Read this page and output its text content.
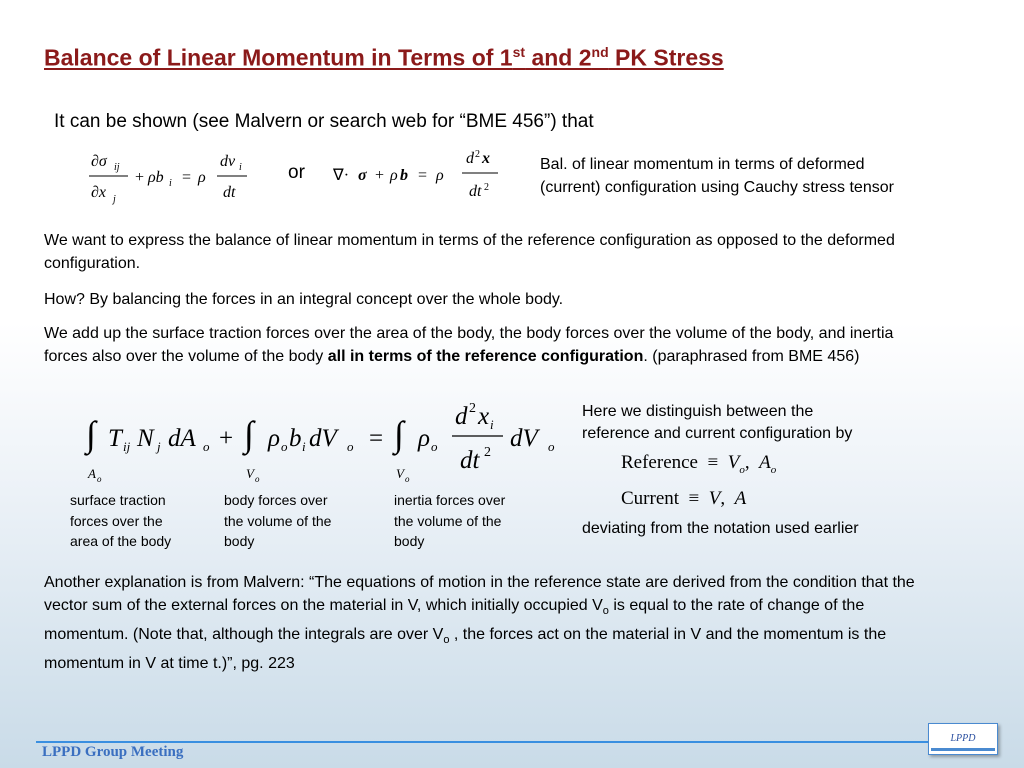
Balance of Linear Momentum in Terms of 1st and 2nd PK Stress
It can be shown (see Malvern or search web for “BME 456”) that
∂σ ij
∂x j
+ ρb i = ρ
dv i
dt
or ∇· σ + ρ b = ρ
d 2 x
dt 2
Bal. of linear momentum in terms of deformed
(current) configuration using Cauchy stress tensor
We want to express the balance of linear momentum in terms of the reference configuration as opposed to the deformed configuration.
How? By balancing the forces in an integral concept over the whole body.
We add up the surface traction forces over the area of the body, the body forces over the volume of the body, and inertia forces also over the volume of the body all in terms of the reference configuration. (paraphrased from BME 456)
∫
A o
T ij N j dA o + ∫
V o
ρ o b i dV o = ∫
V o
ρ o
d 2 x i
dt 2
dV o
surface traction
forces over the
area of the body
body forces over
the volume of the
body
inertia forces over
the volume of the
body
Here we distinguish between the
reference and current configuration by
Reference  ≡  $V_o$,  $A_o$
Current  ≡  V,  A
deviating from the notation used earlier
Another explanation is from Malvern: “The equations of motion in the reference state are derived from the condition that the vector sum of the external forces on the material in V, which initially occupied $V_o$ is equal to the rate of change of the momentum. (Note that, although the integrals are over $V_o$ , the forces act on the material in V and the momentum is the momentum in V at time t.)”, pg. 223
LPPD Group Meeting
LPPD
